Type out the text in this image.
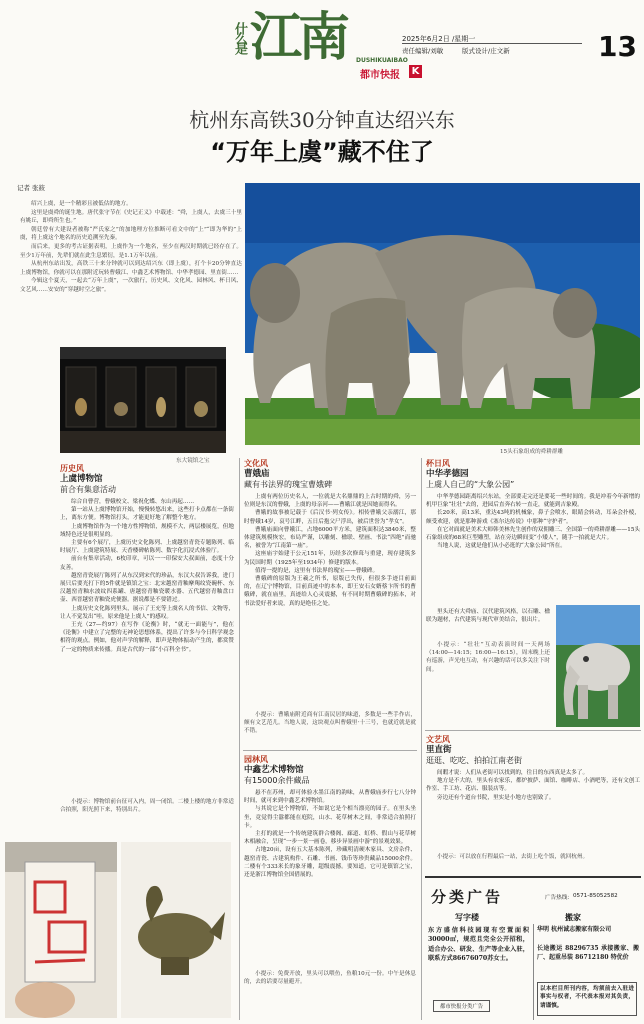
什么是 江南 DUSHIKUAIBAO
都市快报 K
2025年6月2日 /星期一
责任编辑/刘敏	版式设计/庄文新	13
杭州东高铁30分钟直达绍兴东
“万年上虞”藏不住了
记者 张筱

绍兴上虞，是一个精彩且被低估的地方。

这里是虞舜的诞生地。唐代张守节在《史记正义》中载述：“舜，上虞人，去虞三十里有姚丘，即舜所生也。”

朝廷曾有大建设者被称“严氏家之”的加地理方位推断可看文中的“上”“即为华的”上虞，将上虞这个地名的历史追溯至先秦。

而后来，更多的考古证据表明，上虞作为一个地名，至少在两汉时期就已经存在了。至少1万年前，先辈们就在此生息繁衍，是1.1万年以前。

从杭州东站出发，高铁三十来分钟就可以到达绍兴东（即上虞），打个卡20分钟直达上虞博物馆，你就可以在那附近玩转曹娥江、中鑫艺术博物馆、中华孝德园、里直街……

今辑这个夏天，一起去“万年上虞”，一次旅行，历史风、文化风、园林风、杯日风、文艺风……安安的“穿越时空之旅”。

东大镜馆之宝
15头石象组成的舜耕群雕
历史风
上虞博物馆
前合有集意活动

综合自曹营，曹娥校文、梁祝化蝶、东山再起……

第一站从上虞博物馆开始，慢慢转悠出来，这些打卡点都在一条街上，离东方便。博物馆打头，才能更好地了解整个地方。

上虞博物馆作为一个地方性博物馆，规模不大，两层楼展览，但地域特色还是很明显的。

主要有6个展厅，上虞历史文化陈列、上虞越窑青瓷专题陈列、临时展厅、上虞建筑特展、天香楼碑帖陈列、数字化沉浸式体验厅。

前台有集章活动，6枚印章，可以一一印保安大叔面前，态度十分友善。

越窑青瓷展厅陈列了从东汉到宋代的珍品，东汉大叔告诉我，进门展只后要光打下的5件就是镇馆之宝：北宋越窑青釉摩羯纹瓷碗杯、东汉越窑青釉水波纹四系罐、唐越窑青釉瓷暖水器、五代越窑青釉盘口壶、西晋越窑青釉瓷虎便器。据说都是不要错过。

上虞历史文化陈列里头，展示了王充等上虞名人的书信、文物等，让人不觉发出“哇，原来他是上虞人”的感叹。

王充（27—约97）在写作《论衡》时，“就无一面能与”，他在《论衡》中建立了完整的无神论思想体系，提出了许多与今日科学观念相符的观点。例如，他对声学的解释，即声是物体振动产生的，都赏赞了一定的物质来传播。真是古代的一部“小百科全书”。

小提示：博物馆前台征可入内，周一闭馆。二楼上楼的地方非常适合拍照，阳光照下来，特别出片。
文化风
曹娥庙
藏有书法界的瑰宝曹娥碑

上虞有两位历史名人，一位就是大名鼎鼎的上古时期的舜，另一位则是东汉的曹娥，上虞的母亲河——曹娥江就是因她而得名。

曹娥的故事被记载于《后汉书·列女传》。相传曹娥父亲溺江，那时曹娥14岁，哀号江畔，五日后抱父尸浮出，被后世誉为“孝女”。

曹娥庙面向曹娥江，占地6000平方米，建筑面积达3840米，整体建筑规模恢宏，布局严谨，以雕刻、楹联、壁画、书法“四绝”而驰名，被誉为“江南第一庙”。

这座庙宇始建于公元151年，历经多次修葺与重建，现存建筑多为民国时期（1925年至1934年）修建的版本。

值得一提的是，这里有书法界的瑰宝——曹娥碑。

曹娥碑的原版为王羲之所书，原版已失传，但很多手迹目前面的，在辽宁博物馆，目前真迹中的本本，即王安石女婿蔡卞所书的曹娥碑，就在庙里，真迹给人心灵震撼，有不同时期曹娥碑的拓本，对书法爱好者来说，真的是绝佳之处。

小提示：曹娥庙附近商有江南民居的味道，多数是一些手作店，颇有文艺范儿。当地人说，这块观点叫曹娥里·十三号，也就近就是就不错。
园林风
中鑫艺术博物馆
有15000余件藏品

悬不在苏州，却可体验水墨江南的韵味，从曹娥庙步行七八分钟时间，就可来到中鑫艺术博物馆。

与其说它是个博物馆，不如说它是个相当漂亮的园子。在里头坐坐，竟觉得尘嚣都能在庭院，山水、花草树木之间，非常适合拍照打卡。

主打的就是一个传统建筑群合楼阁、廊道、虹桥、假山与花草树木相融合，呈现“一步一景一画卷，移步异景画中游”的景观效果。

占地20亩，设有五大基本陈列，珍藏明清硬木家具、文房杂件、越窑青瓷、古建筑构件、石雕、书画、钱币等珍贵藏品15000余件。二楼有个333米长的象牙雕，超级震撼。要知道，它可是镇馆之宝，还是浙江博物馆全国借展的。

小提示：免费开放，里头可以喂鱼，鱼粮10元一份。中午是休息的，去的话要尽量避开。
杯日风
中华孝德园
上虞人自己的“大象公园”

中华孝德园距离绍兴东站，全部要走完还是要花一些时间的。我是冲着今年新增的机甲巨象“壮壮”去的，进园后直奔右转一直走，就能到吉象殿。

长20米，高13米，重达43吨的机械象，鼻子会喷水，眼睛会转动，耳朵会扑棱，颇受欢迎，就是那种游戏《塞尔达传说》中那种“守护者”。

在它对面就是美术大师韩美林先生创作的双佣雕三、全国第一的舜耕群雕——15头石象组成的68米巨型雕塑，站在旁边瞬间变“小矮人”，随手一拍就是大片。

当地人说，这就是他们从小必逛的“大象公园”所在。

里头还有大舜庙、汉代建筑风格，以石雕、楹联为题材，古代建筑与现代审美结合，很出片。

小提示：“壮壮”互动表演时间一天两场（14:00—14:15；16:00—16:15），周末晚上还有巡游，声光电互动，有兴趣的话可以多关注下时间。
文艺风
里直街
逛逛、吃吃、拍拍江南老街

间暇才说：人们从老街可以找到的，往日的东西真是太多了。

地方是不大的，里头有农家乐，都炉披萨、面馆、咖啡店、小酒吧等，还有文创工作室、手工坊、花店、服装店等。

旁边还有个道台书院，里实是小地方也别致了。

小提示：可以放在行程最后一站，去街上吃个饭，就回杭州。
分类广告	广告热线： 0571-85052582
写字楼	搬家
东方盛信科技园现有空置面积30000㎡，规范且完全公开招租，适合办公、研发、生产等企业入驻，联系方式86676070苏女士。
都市快报分类广告
华明 杭州诚志搬家有限公司
长途搬运 88296735 承接搬家、搬厂、起重吊装 86712180 特优价
以本栏目所刊内容，均须前去入驻进事实与权者，不代表本报对其负责，请谨慎。
